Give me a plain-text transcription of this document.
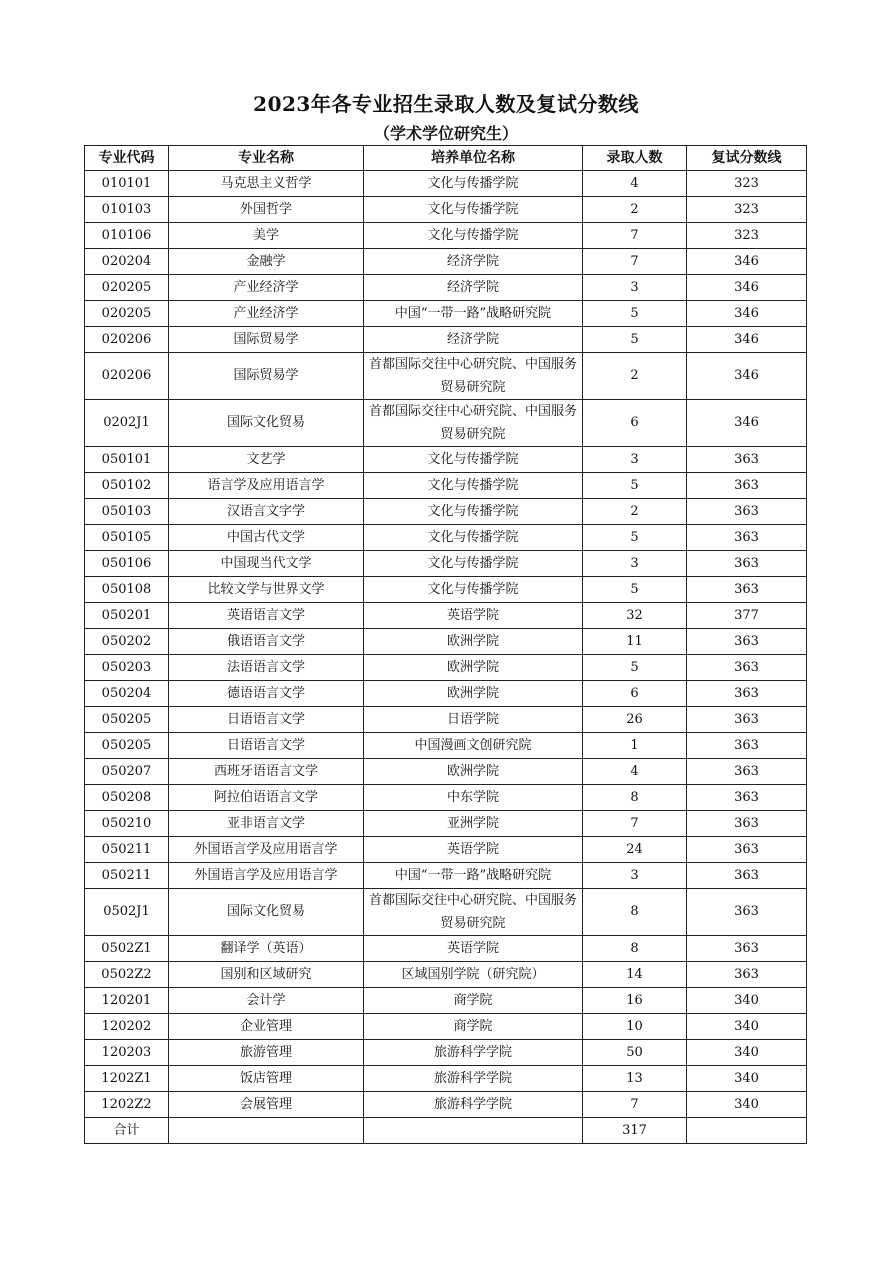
2023年各专业招生录取人数及复试分数线
（学术学位研究生）
专业代码	专业名称	培养单位名称	录取人数	复试分数线
010101	马克思主义哲学	文化与传播学院	4	323
010103	外国哲学	文化与传播学院	2	323
010106	美学	文化与传播学院	7	323
020204	金融学	经济学院	7	346
020205	产业经济学	经济学院	3	346
020205	产业经济学	中国“一带一路”战略研究院	5	346
020206	国际贸易学	经济学院	5	346
020206	国际贸易学	首都国际交往中心研究院、中国服务贸易研究院	2	346
0202J1	国际文化贸易	首都国际交往中心研究院、中国服务贸易研究院	6	346
050101	文艺学	文化与传播学院	3	363
050102	语言学及应用语言学	文化与传播学院	5	363
050103	汉语言文字学	文化与传播学院	2	363
050105	中国古代文学	文化与传播学院	5	363
050106	中国现当代文学	文化与传播学院	3	363
050108	比较文学与世界文学	文化与传播学院	5	363
050201	英语语言文学	英语学院	32	377
050202	俄语语言文学	欧洲学院	11	363
050203	法语语言文学	欧洲学院	5	363
050204	德语语言文学	欧洲学院	6	363
050205	日语语言文学	日语学院	26	363
050205	日语语言文学	中国漫画文创研究院	1	363
050207	西班牙语语言文学	欧洲学院	4	363
050208	阿拉伯语语言文学	中东学院	8	363
050210	亚非语言文学	亚洲学院	7	363
050211	外国语言学及应用语言学	英语学院	24	363
050211	外国语言学及应用语言学	中国“一带一路”战略研究院	3	363
0502J1	国际文化贸易	首都国际交往中心研究院、中国服务贸易研究院	8	363
0502Z1	翻译学（英语）	英语学院	8	363
0502Z2	国别和区域研究	区域国别学院（研究院）	14	363
120201	会计学	商学院	16	340
120202	企业管理	商学院	10	340
120203	旅游管理	旅游科学学院	50	340
1202Z1	饭店管理	旅游科学学院	13	340
1202Z2	会展管理	旅游科学学院	7	340
合计			317	
